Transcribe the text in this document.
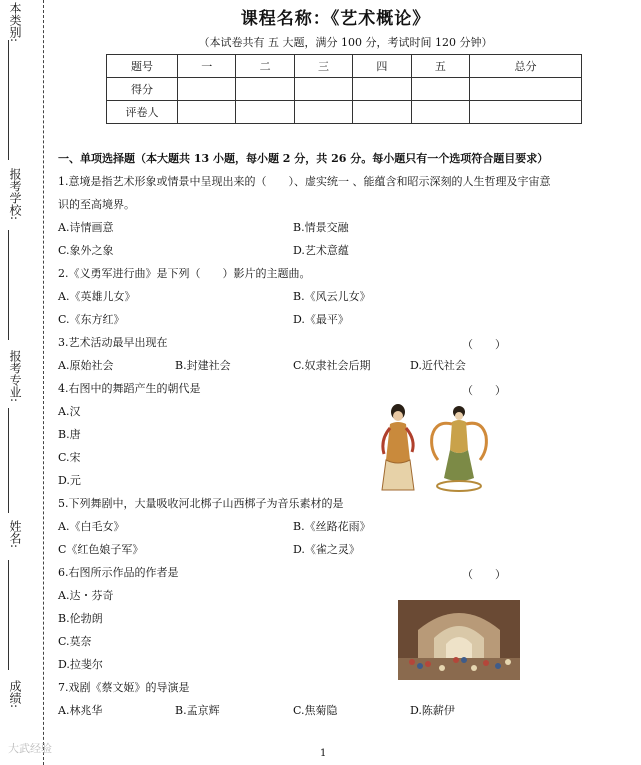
本类别:
报考学校:
报考专业:
姓名:
成绩:
课程名称：《艺术概论》
（本试卷共有 五 大题，满分 100 分，考试时间 120 分钟）
题号	一	二	三	四	五	总分
得分						
评卷人						
一、单项选择题（本大题共 13 小题，每小题 2 分，共 26 分。每小题只有一个选项符合题目要求）
1.意境是指艺术形象或情景中呈现出来的（　　）、虚实统一 、能蕴含和昭示深刻的人生哲理及宇宙意
识的至高境界。
A.诗情画意	B.情景交融
C.象外之象	D.艺术意蕴
2.《义勇军进行曲》是下列（　　）影片的主题曲。
A.《英雄儿女》	B.《风云儿女》
C.《东方红》	D.《最平》
3.艺术活动最早出现在	（　　）
A.原始社会	B.封建社会	C.奴隶社会后期	D.近代社会
4.右图中的舞蹈产生的朝代是	（　　）
A.汉
B.唐
C.宋
D.元
5.下列舞剧中，大量吸收河北梆子山西梆子为音乐素材的是
A.《白毛女》	B.《丝路花雨》
C《红色娘子军》	D.《雀之灵》
6.右图所示作品的作者是	（　　）
A.达・芬奇
B.伦勃朗
C.莫奈
D.拉斐尔
7.戏剧《蔡文姬》的导演是
A.林兆华	B.孟京辉	C.焦菊隐	D.陈薪伊
大武经验	1
